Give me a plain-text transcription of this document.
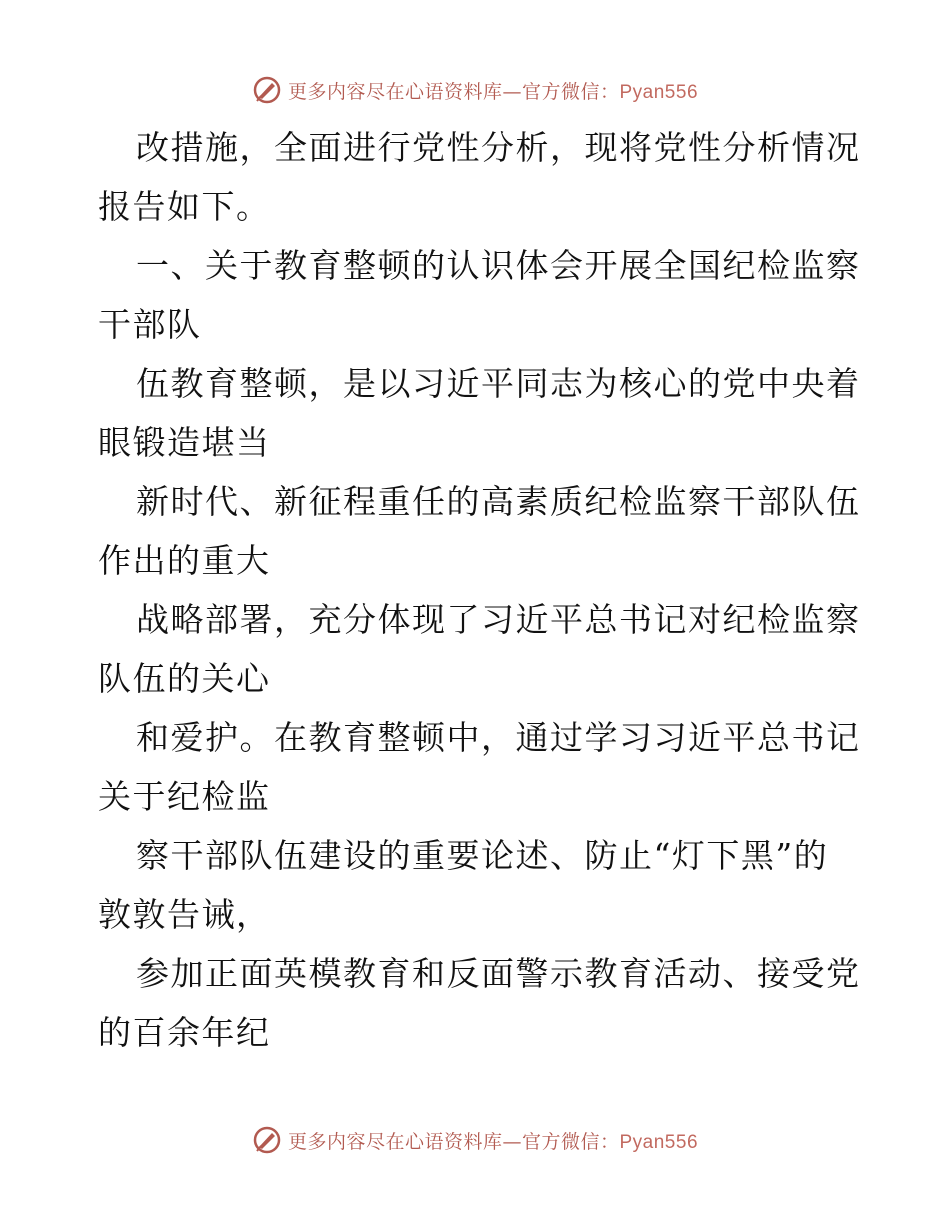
更多内容尽在心语资料库—官方微信：Pyan556
改措施，全面进行党性分析，现将党性分析情况
报告如下。
一、关于教育整顿的认识体会开展全国纪检监察
干部队
伍教育整顿，是以习近平同志为核心的党中央着
眼锻造堪当
新时代、新征程重任的高素质纪检监察干部队伍
作出的重大
战略部署，充分体现了习近平总书记对纪检监察
队伍的关心
和爱护。在教育整顿中，通过学习习近平总书记
关于纪检监
察干部队伍建设的重要论述、防止“灯下黑”的
敦敦告诫，
参加正面英模教育和反面警示教育活动、接受党
的百余年纪
更多内容尽在心语资料库—官方微信：Pyan556
